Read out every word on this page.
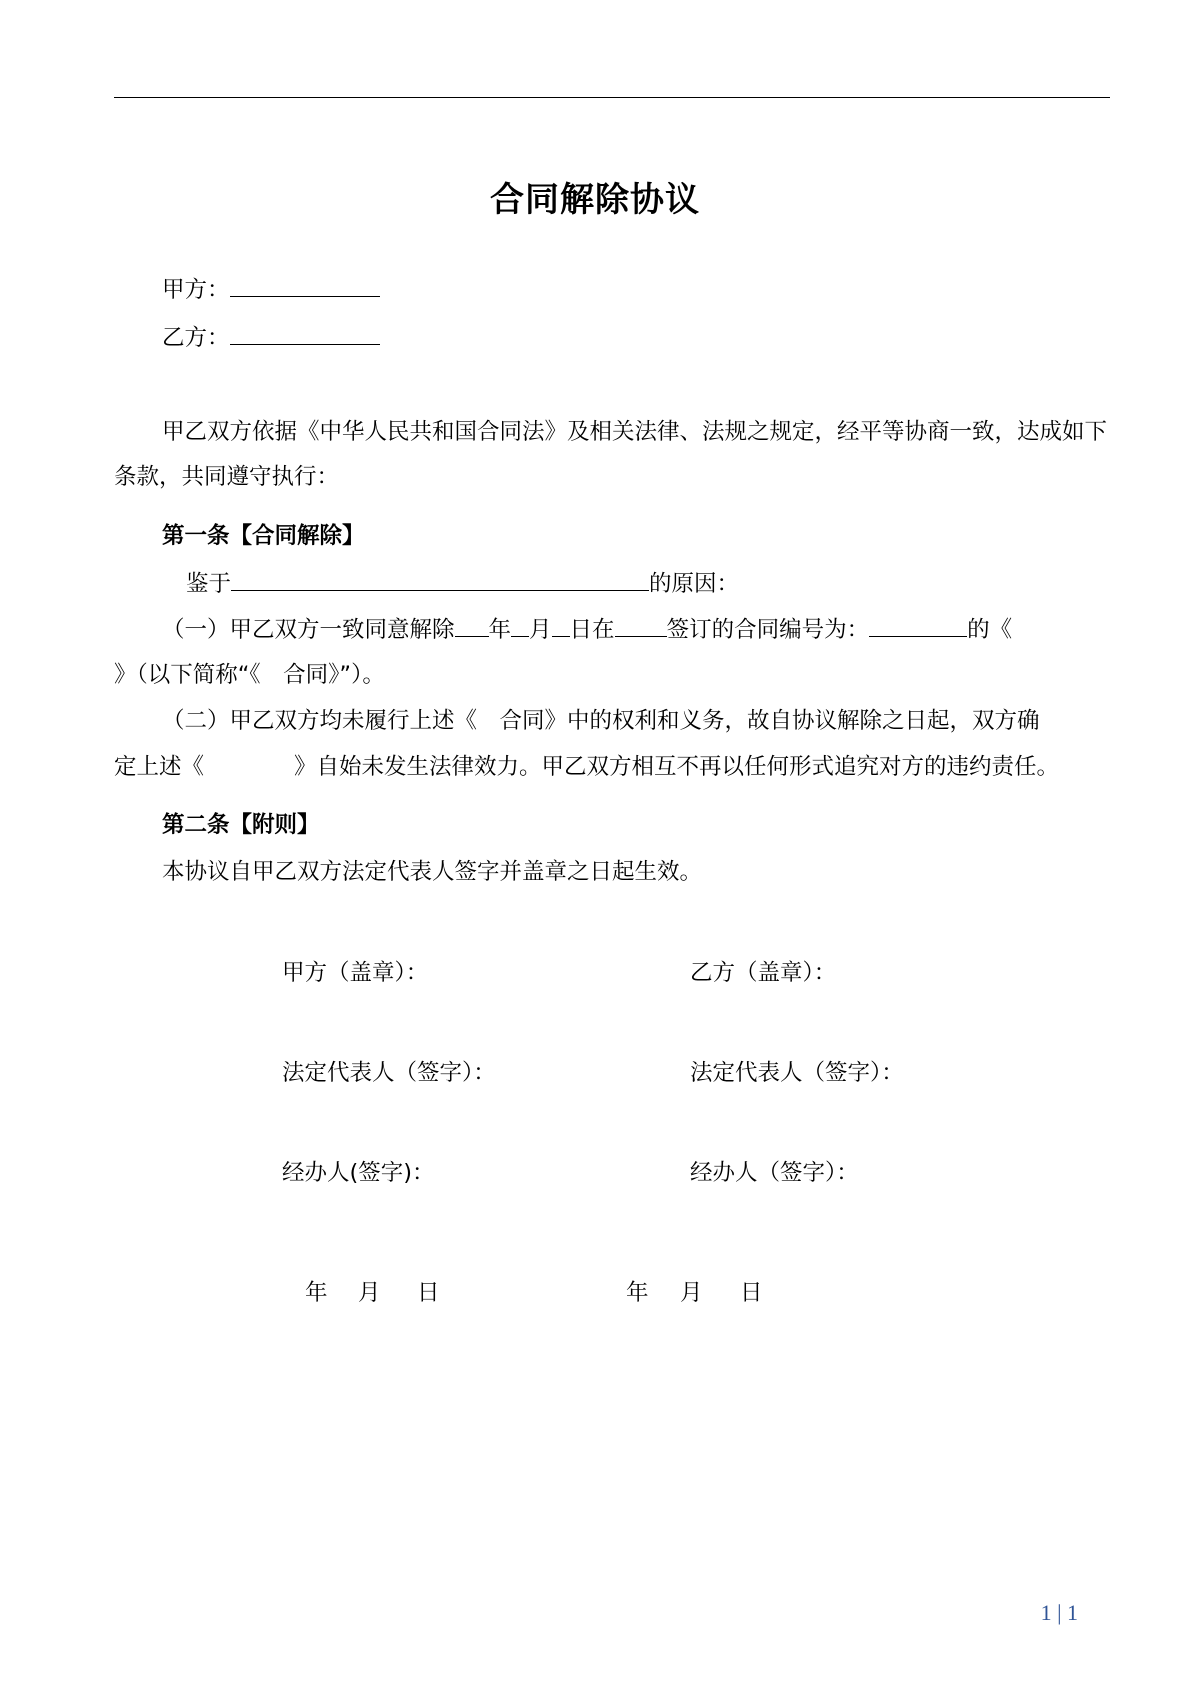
合同解除协议
甲方：
乙方：
甲乙双方依据《中华人民共和国合同法》及相关法律、法规之规定，经平等协商一致，达成如下条款，共同遵守执行：
第一条【合同解除】
鉴于	的原因：
（一）甲乙双方一致同意解除 年 月 日在 签订的合同编号为：	的《
》（以下简称“《　合同》”）。
（二）甲乙双方均未履行上述《　合同》中的权利和义务，故自协议解除之日起，双方确
定上述《　　　　》自始未发生法律效力。甲乙双方相互不再以任何形式追究对方的违约责任。
第二条【附则】
本协议自甲乙双方法定代表人签字并盖章之日起生效。
甲方（盖章）：	乙方（盖章）：
法定代表人（签字）：	法定代表人（签字）：
经办人(签字)：	经办人（签字）：
年 月 日	年 月 日
1 | 1
